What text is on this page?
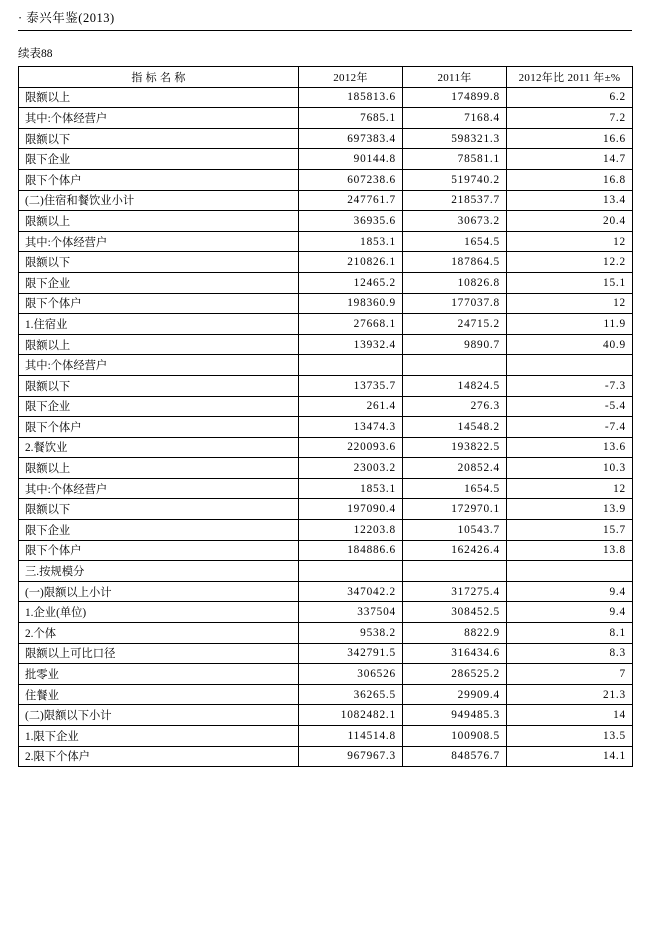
· 泰兴年鉴(2013)
续表88
指 标 名 称	2012年	2011年	2012年比 2011 年±%
限额以上	185813.6	174899.8	6.2
其中:个体经营户	7685.1	7168.4	7.2
限额以下	697383.4	598321.3	16.6
限下企业	90144.8	78581.1	14.7
限下个体户	607238.6	519740.2	16.8
(二)住宿和餐饮业小计	247761.7	218537.7	13.4
限额以上	36935.6	30673.2	20.4
其中:个体经营户	1853.1	1654.5	12
限额以下	210826.1	187864.5	12.2
限下企业	12465.2	10826.8	15.1
限下个体户	198360.9	177037.8	12
1.住宿业	27668.1	24715.2	11.9
限额以上	13932.4	9890.7	40.9
其中:个体经营户			
限额以下	13735.7	14824.5	-7.3
限下企业	261.4	276.3	-5.4
限下个体户	13474.3	14548.2	-7.4
2.餐饮业	220093.6	193822.5	13.6
限额以上	23003.2	20852.4	10.3
其中:个体经营户	1853.1	1654.5	12
限额以下	197090.4	172970.1	13.9
限下企业	12203.8	10543.7	15.7
限下个体户	184886.6	162426.4	13.8
三.按规模分			
(一)限额以上小计	347042.2	317275.4	9.4
1.企业(单位)	337504	308452.5	9.4
2.个体	9538.2	8822.9	8.1
限额以上可比口径	342791.5	316434.6	8.3
批零业	306526	286525.2	7
住餐业	36265.5	29909.4	21.3
(二)限额以下小计	1082482.1	949485.3	14
1.限下企业	114514.8	100908.5	13.5
2.限下个体户	967967.3	848576.7	14.1
